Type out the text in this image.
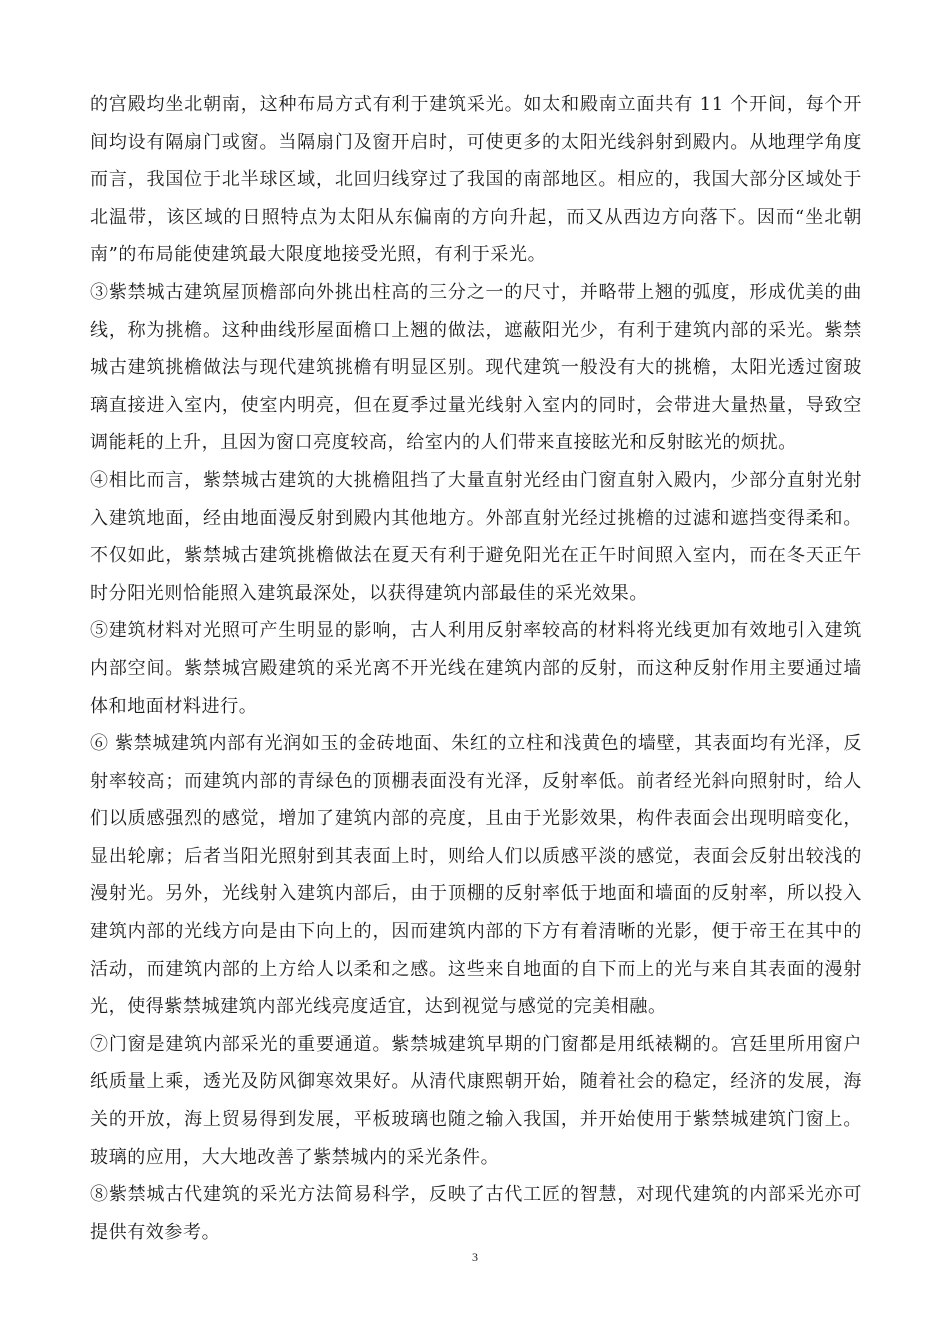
的宫殿均坐北朝南，这种布局方式有利于建筑采光。如太和殿南立面共有 11 个开间，每个开间均设有隔扇门或窗。当隔扇门及窗开启时，可使更多的太阳光线斜射到殿内。从地理学角度而言，我国位于北半球区域，北回归线穿过了我国的南部地区。相应的，我国大部分区域处于北温带，该区域的日照特点为太阳从东偏南的方向升起，而又从西边方向落下。因而“坐北朝南”的布局能使建筑最大限度地接受光照，有利于采光。

③紫禁城古建筑屋顶檐部向外挑出柱高的三分之一的尺寸，并略带上翘的弧度，形成优美的曲线，称为挑檐。这种曲线形屋面檐口上翘的做法，遮蔽阳光少，有利于建筑内部的采光。紫禁城古建筑挑檐做法与现代建筑挑檐有明显区别。现代建筑一般没有大的挑檐，太阳光透过窗玻璃直接进入室内，使室内明亮，但在夏季过量光线射入室内的同时，会带进大量热量，导致空调能耗的上升，且因为窗口亮度较高，给室内的人们带来直接眩光和反射眩光的烦扰。

④相比而言，紫禁城古建筑的大挑檐阻挡了大量直射光经由门窗直射入殿内，少部分直射光射入建筑地面，经由地面漫反射到殿内其他地方。外部直射光经过挑檐的过滤和遮挡变得柔和。不仅如此，紫禁城古建筑挑檐做法在夏天有利于避免阳光在正午时间照入室内，而在冬天正午时分阳光则恰能照入建筑最深处，以获得建筑内部最佳的采光效果。

⑤建筑材料对光照可产生明显的影响，古人利用反射率较高的材料将光线更加有效地引入建筑内部空间。紫禁城宫殿建筑的采光离不开光线在建筑内部的反射，而这种反射作用主要通过墙体和地面材料进行。

⑥ 紫禁城建筑内部有光润如玉的金砖地面、朱红的立柱和浅黄色的墙壁，其表面均有光泽，反射率较高；而建筑内部的青绿色的顶棚表面没有光泽，反射率低。前者经光斜向照射时，给人们以质感强烈的感觉，增加了建筑内部的亮度，且由于光影效果，构件表面会出现明暗变化，显出轮廓；后者当阳光照射到其表面上时，则给人们以质感平淡的感觉，表面会反射出较浅的漫射光。另外，光线射入建筑内部后，由于顶棚的反射率低于地面和墙面的反射率，所以投入建筑内部的光线方向是由下向上的，因而建筑内部的下方有着清晰的光影，便于帝王在其中的活动，而建筑内部的上方给人以柔和之感。这些来自地面的自下而上的光与来自其表面的漫射光，使得紫禁城建筑内部光线亮度适宜，达到视觉与感觉的完美相融。

⑦门窗是建筑内部采光的重要通道。紫禁城建筑早期的门窗都是用纸裱糊的。宫廷里所用窗户纸质量上乘，透光及防风御寒效果好。从清代康熙朝开始，随着社会的稳定，经济的发展，海关的开放，海上贸易得到发展，平板玻璃也随之输入我国，并开始使用于紫禁城建筑门窗上。玻璃的应用，大大地改善了紫禁城内的采光条件。

⑧紫禁城古代建筑的采光方法简易科学，反映了古代工匠的智慧，对现代建筑的内部采光亦可提供有效参考。

3
